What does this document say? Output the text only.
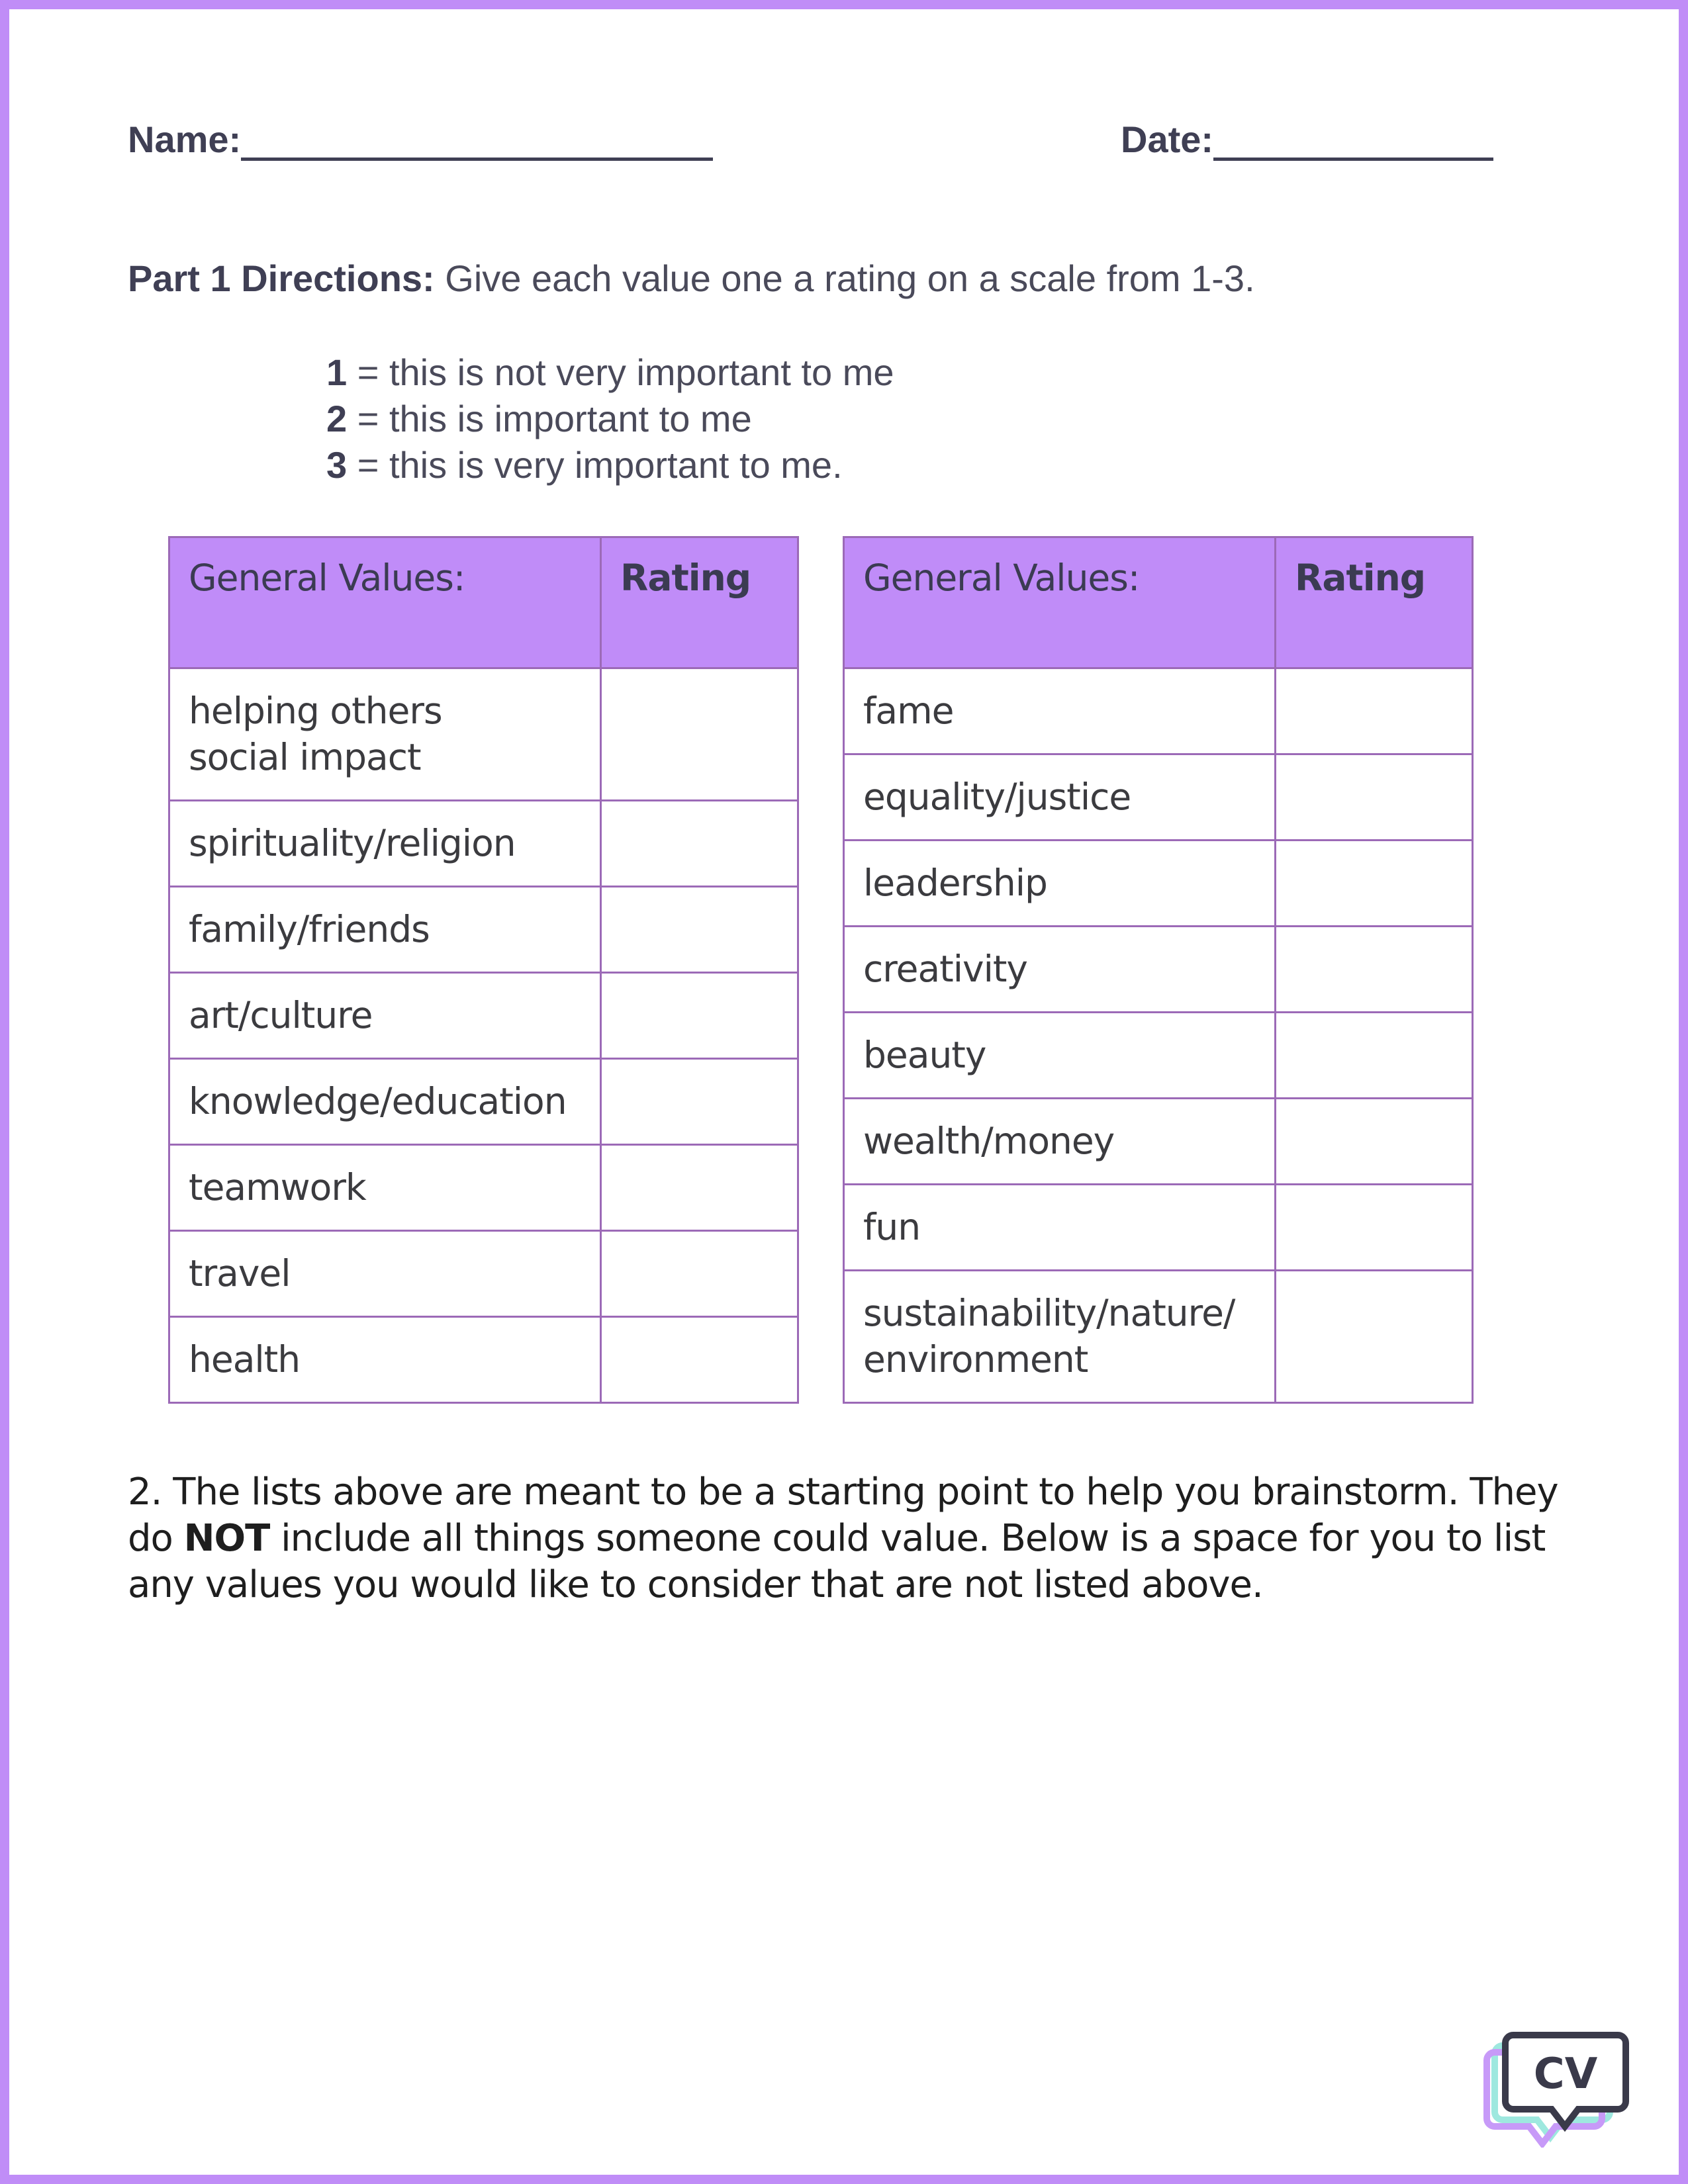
Name:	Date:
Part 1 Directions: Give each value one a rating on a scale from 1-3.
1 = this is not very important to me
2 = this is important to me
3 = this is very important to me.
General Values:	Rating

helping others
social impact	

spirituality/religion	
family/friends	
art/culture	
knowledge/education	
teamwork	
travel	
health	
General Values:	Rating
fame	
equality/justice	
leadership	
creativity	
beauty	
wealth/money	
fun	

sustainability/nature/
environment	

2. The lists above are meant to be a starting point to help you brainstorm. They do NOT include all things someone could value. Below is a space for you to list any values you would like to consider that are not listed above.
CV
